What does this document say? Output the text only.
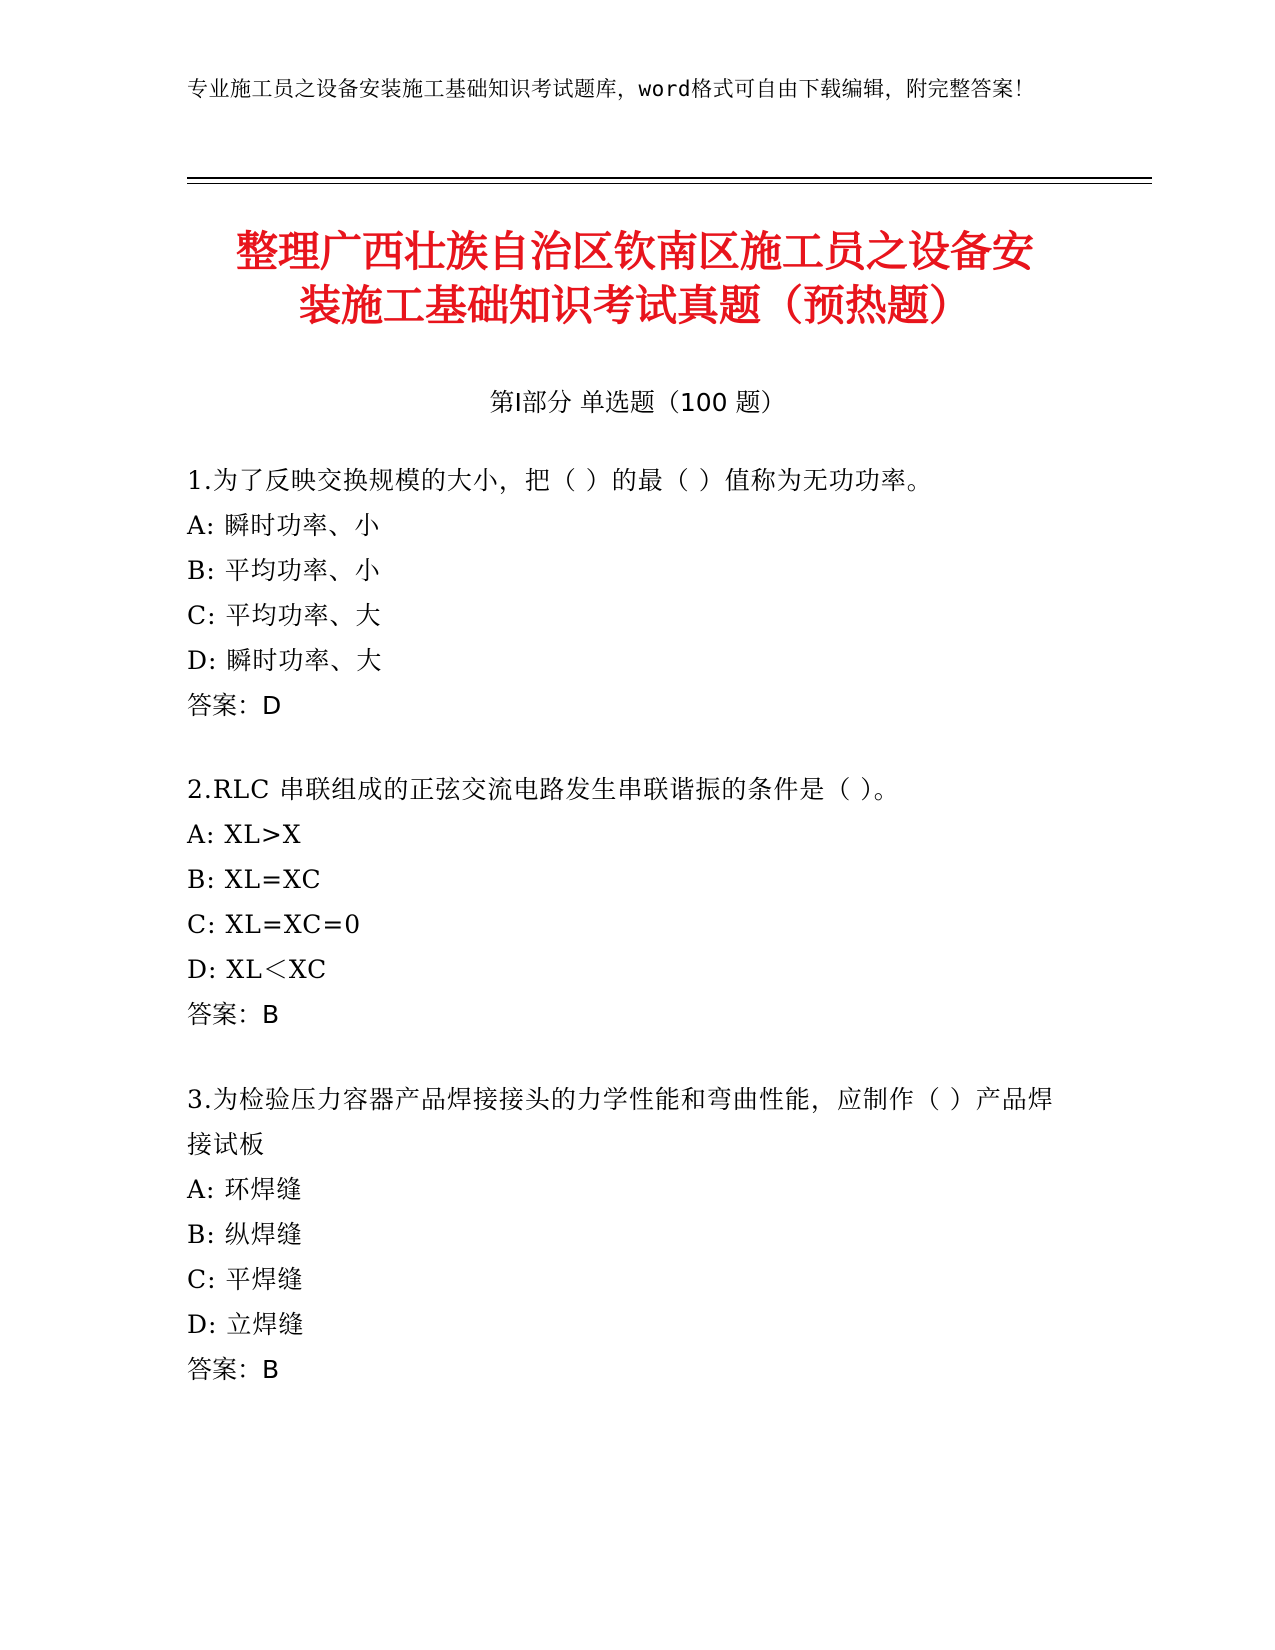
专业施工员之设备安装施工基础知识考试题库，word格式可自由下载编辑，附完整答案！
整理广西壮族自治区钦南区施工员之设备安
装施工基础知识考试真题（预热题）
第Ⅰ部分 单选题（100 题）
1.为了反映交换规模的大小，把（ ）的最（ ）值称为无功功率。
A: 瞬时功率、小
B: 平均功率、小
C: 平均功率、大
D: 瞬时功率、大
答案：D
2.RLC 串联组成的正弦交流电路发生串联谐振的条件是（ ）。
A: XL>X
B: XL=XC
C: XL=XC=0
D: XL＜XC
答案：B
3.为检验压力容器产品焊接接头的力学性能和弯曲性能，应制作（ ）产品焊接试板
A: 环焊缝
B: 纵焊缝
C: 平焊缝
D: 立焊缝
答案：B
